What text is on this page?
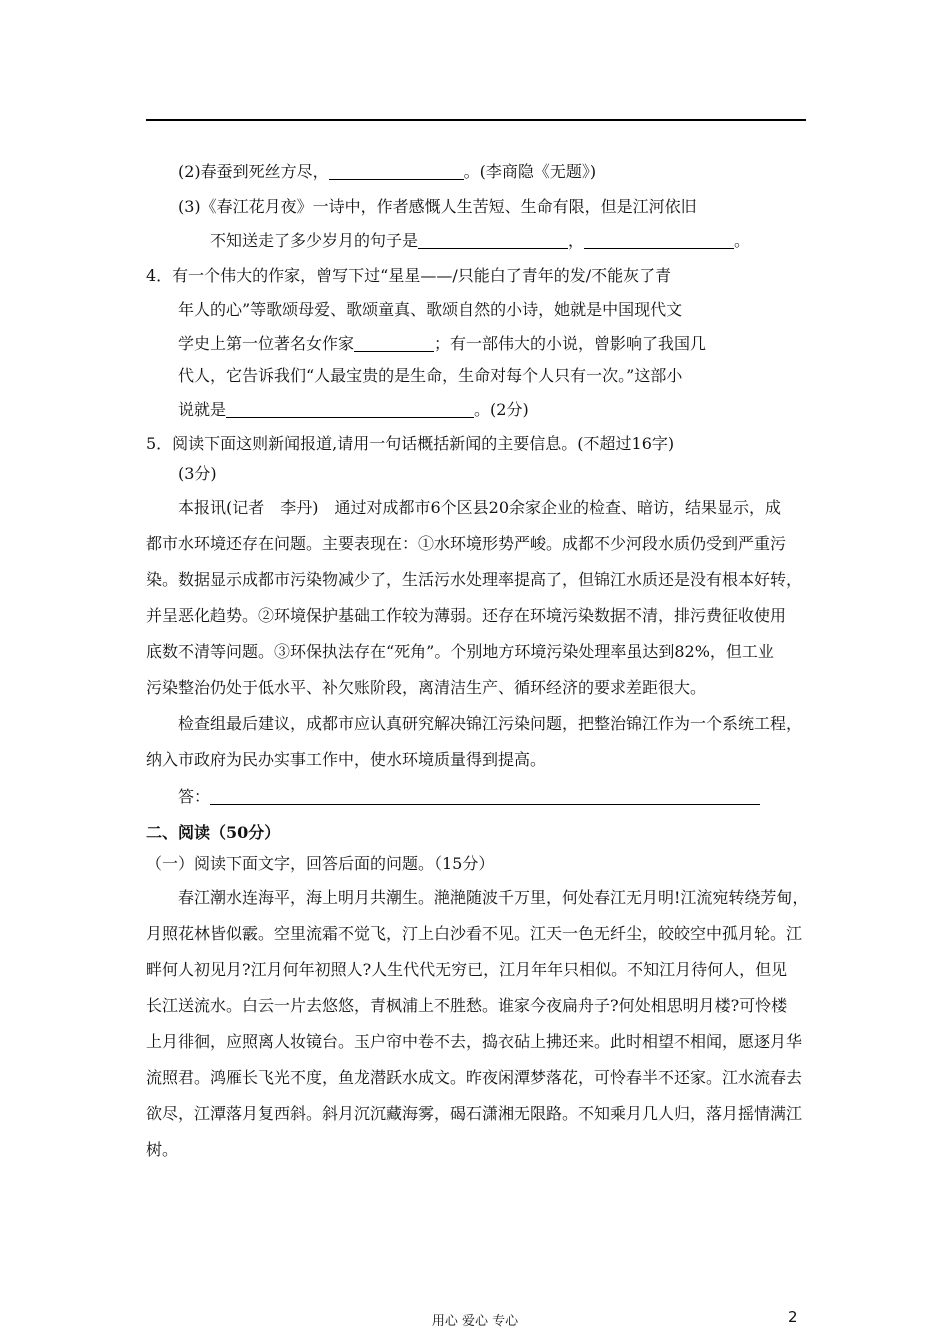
(2)春蚕到死丝方尽，	。(李商隐《无题》)
(3)《春江花月夜》一诗中，作者感慨人生苦短、生命有限，但是江河依旧
不知送走了多少岁月的句子是	，	。
4．有一个伟大的作家，曾写下过“星星——/只能白了青年的发/不能灰了青
年人的心”等歌颂母爱、歌颂童真、歌颂自然的小诗，她就是中国现代文
学史上第一位著名女作家	；有一部伟大的小说，曾影响了我国几
代人，它告诉我们“人最宝贵的是生命，生命对每个人只有一次。”这部小
说就是	。(2分)
5．阅读下面这则新闻报道,请用一句话概括新闻的主要信息。(不超过16字)
(3分)
本报讯(记者　李丹)　通过对成都市6个区县20余家企业的检查、暗访，结果显示，成
都市水环境还存在问题。主要表现在：①水环境形势严峻。成都不少河段水质仍受到严重污
染。数据显示成都市污染物减少了，生活污水处理率提高了，但锦江水质还是没有根本好转，
并呈恶化趋势。②环境保护基础工作较为薄弱。还存在环境污染数据不清，排污费征收使用
底数不清等问题。③环保执法存在“死角”。个别地方环境污染处理率虽达到82%，但工业
污染整治仍处于低水平、补欠账阶段，离清洁生产、循环经济的要求差距很大。
检查组最后建议，成都市应认真研究解决锦江污染问题，把整治锦江作为一个系统工程，
纳入市政府为民办实事工作中，使水环境质量得到提高。
答：
二、阅读（50分）
（一）阅读下面文字，回答后面的问题。（15分）
春江潮水连海平，海上明月共潮生。滟滟随波千万里，何处春江无月明!江流宛转绕芳甸，
月照花林皆似霰。空里流霜不觉飞，汀上白沙看不见。江天一色无纤尘，皎皎空中孤月轮。江
畔何人初见月?江月何年初照人?人生代代无穷已，江月年年只相似。不知江月待何人，但见
长江送流水。白云一片去悠悠，青枫浦上不胜愁。谁家今夜扁舟子?何处相思明月楼?可怜楼
上月徘徊，应照离人妆镜台。玉户帘中卷不去，捣衣砧上拂还来。此时相望不相闻，愿逐月华
流照君。鸿雁长飞光不度，鱼龙潜跃水成文。昨夜闲潭梦落花，可怜春半不还家。江水流春去
欲尽，江潭落月复西斜。斜月沉沉藏海雾，碣石潇湘无限路。不知乘月几人归，落月摇情满江
树。
用心 爱心 专心	2
